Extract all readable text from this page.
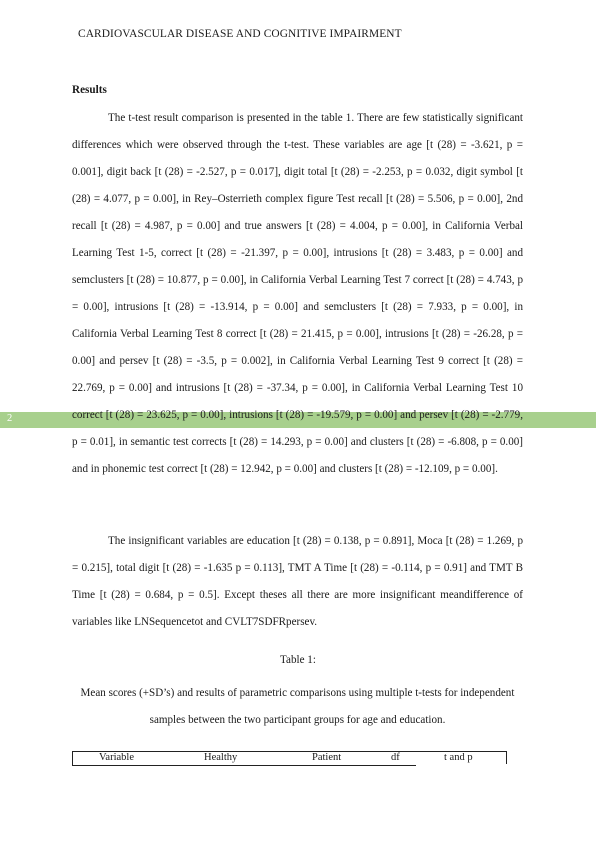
CARDIOVASCULAR DISEASE AND COGNITIVE IMPAIRMENT
Results
2

The t-test result comparison is presented in the table 1. There are few statistically significant differences which were observed through the t-test. These variables are age [t (28) = -3.621, p = 0.001], digit back [t (28) = -2.527, p = 0.017], digit total [t (28) = -2.253, p = 0.032, digit symbol [t (28) = 4.077, p = 0.00], in Rey–Osterrieth complex figure Test recall [t (28) = 5.506, p = 0.00], 2nd recall [t (28) = 4.987, p = 0.00] and true answers [t (28) = 4.004, p = 0.00], in California Verbal Learning Test 1-5, correct [t (28) = -21.397, p = 0.00], intrusions [t (28) = 3.483, p = 0.00] and semclusters [t (28) = 10.877, p = 0.00], in California Verbal Learning Test 7 correct [t (28) = 4.743, p = 0.00], intrusions [t (28) = -13.914, p = 0.00] and semclusters [t (28) = 7.933, p = 0.00], in California Verbal Learning Test 8 correct [t (28) = 21.415, p = 0.00], intrusions [t (28) = -26.28, p = 0.00] and persev [t (28) = -3.5, p = 0.002], in California Verbal Learning Test 9 correct [t (28) = 22.769, p = 0.00] and intrusions [t (28) = -37.34, p = 0.00], in California Verbal Learning Test 10 correct [t (28) = 23.625, p = 0.00], intrusions [t (28) = -19.579, p = 0.00] and persev [t (28) = -2.779, p = 0.01], in semantic test corrects [t (28) = 14.293, p = 0.00] and clusters [t (28) = -6.808, p = 0.00] and in phonemic test correct [t (28) = 12.942, p = 0.00] and clusters [t (28) = -12.109, p = 0.00].

The insignificant variables are education [t (28) = 0.138, p = 0.891], Moca [t (28) = 1.269, p = 0.215], total digit [t (28) = -1.635 p = 0.113], TMT A Time [t (28) = -0.114, p = 0.91] and TMT B Time [t (28) = 0.684, p = 0.5]. Except theses all there are more insignificant meandifference of variables like LNSequencetot and CVLT7SDFRpersev.

Table 1:

Mean scores (+SD’s) and results of parametric comparisons using multiple t-tests for independent samples between the two participant groups for age and education.

Variable	Healthy	Patient	df	t and p
